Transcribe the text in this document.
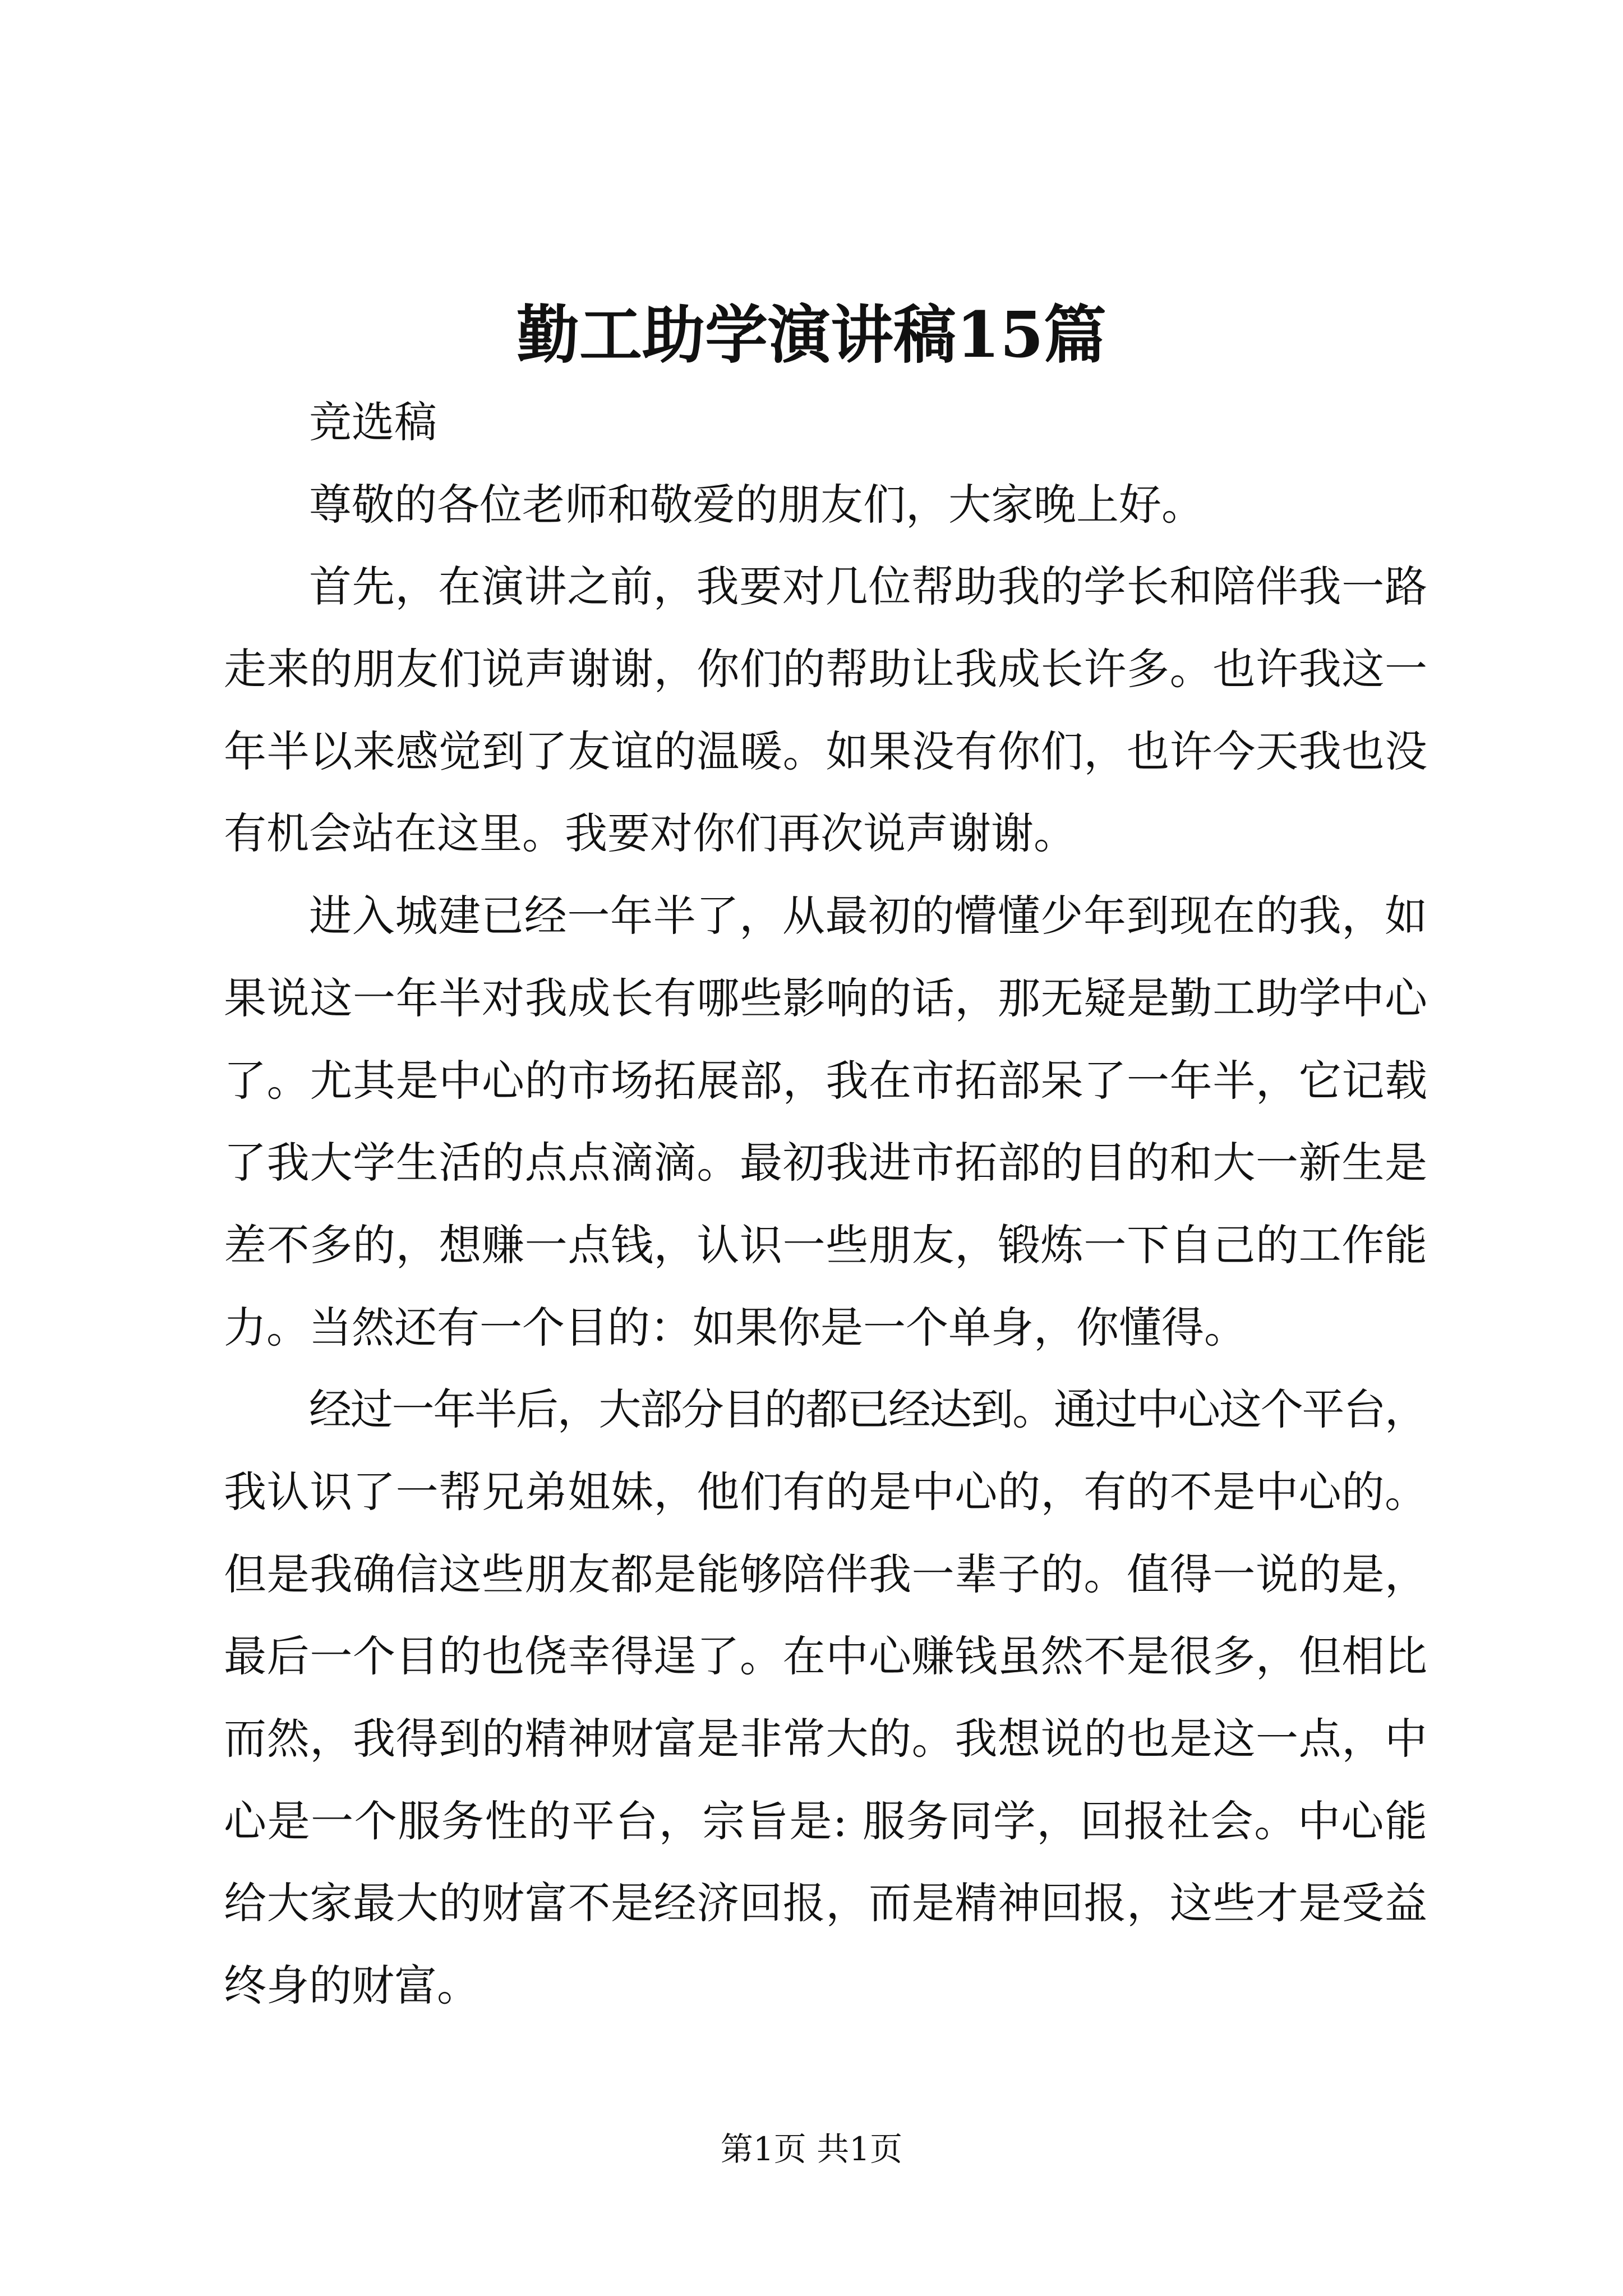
勤工助学演讲稿15篇
竞选稿
尊敬的各位老师和敬爱的朋友们，大家晚上好。
首先，在演讲之前，我要对几位帮助我的学长和陪伴我一路
走来的朋友们说声谢谢，你们的帮助让我成长许多。也许我这一
年半以来感觉到了友谊的温暖。如果没有你们，也许今天我也没
有机会站在这里。我要对你们再次说声谢谢。
进入城建已经一年半了，从最初的懵懂少年到现在的我，如
果说这一年半对我成长有哪些影响的话，那无疑是勤工助学中心
了。尤其是中心的市场拓展部，我在市拓部呆了一年半，它记载
了我大学生活的点点滴滴。最初我进市拓部的目的和大一新生是
差不多的，想赚一点钱，认识一些朋友，锻炼一下自己的工作能
力。当然还有一个目的：如果你是一个单身，你懂得。
经过一年半后，大部分目的都已经达到。通过中心这个平台，
我认识了一帮兄弟姐妹，他们有的是中心的，有的不是中心的。
但是我确信这些朋友都是能够陪伴我一辈子的。值得一说的是，
最后一个目的也侥幸得逞了。在中心赚钱虽然不是很多，但相比
而然，我得到的精神财富是非常大的。我想说的也是这一点，中
心是一个服务性的平台，宗旨是: 服务同学，回报社会。中心能
给大家最大的财富不是经济回报，而是精神回报，这些才是受益
终身的财富。
第1页 共1页
